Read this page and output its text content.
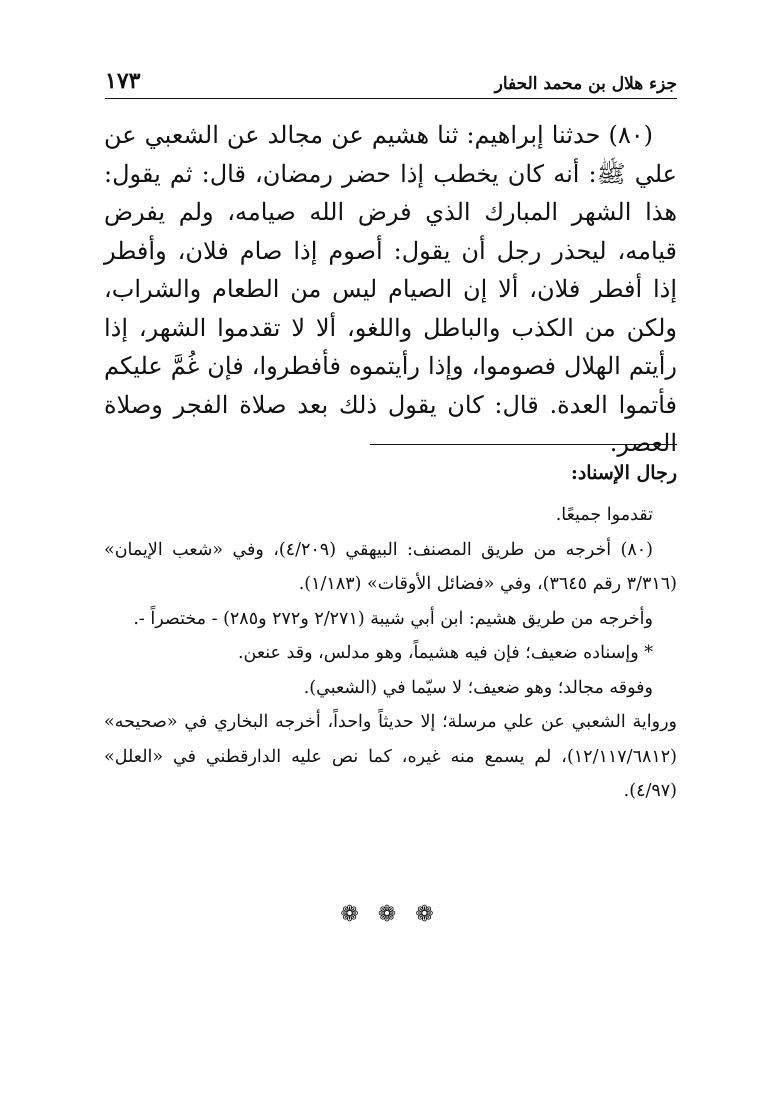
جزء هلال بن محمد الحفار
١٧٣

(٨٠) حدثنا إبراهيم: ثنا هشيم عن مجالد عن الشعبي عن علي ﷺ: أنه كان يخطب إذا حضر رمضان، قال: ثم يقول: هذا الشهر المبارك الذي فرض الله صيامه، ولم يفرض قيامه، ليحذر رجل أن يقول: أصوم إذا صام فلان، وأفطر إذا أفطر فلان، ألا إن الصيام ليس من الطعام والشراب، ولكن من الكذب والباطل واللغو، ألا لا تقدموا الشهر، إذا رأيتم الهلال فصوموا، وإذا رأيتموه فأفطروا، فإن غُمَّ عليكم فأتموا العدة. قال: كان يقول ذلك بعد صلاة الفجر وصلاة العصر.

رجال الإسناد:

تقدموا جميعًا.

(٨٠) أخرجه من طريق المصنف: البيهقي (٤/٢٠٩)، وفي «شعب الإيمان» (٣/٣١٦ رقم ٣٦٤٥)، وفي «فضائل الأوقات» (١/١٨٣).

وأخرجه من طريق هشيم: ابن أبي شيبة (٢/٢٧١ و٢٧٢ و٢٨٥) - مختصراً -.

* وإسناده ضعيف؛ فإن فيه هشيماً، وهو مدلس، وقد عنعن.

وفوقه مجالد؛ وهو ضعيف؛ لا سيّما في (الشعبي).

ورواية الشعبي عن علي مرسلة؛ إلا حديثاً واحداً، أخرجه البخاري في «صحيحه» (١٢/١١٧/٦٨١٢)، لم يسمع منه غيره، كما نص عليه الدارقطني في «العلل» (٤/٩٧).

❁ ❁ ❁
